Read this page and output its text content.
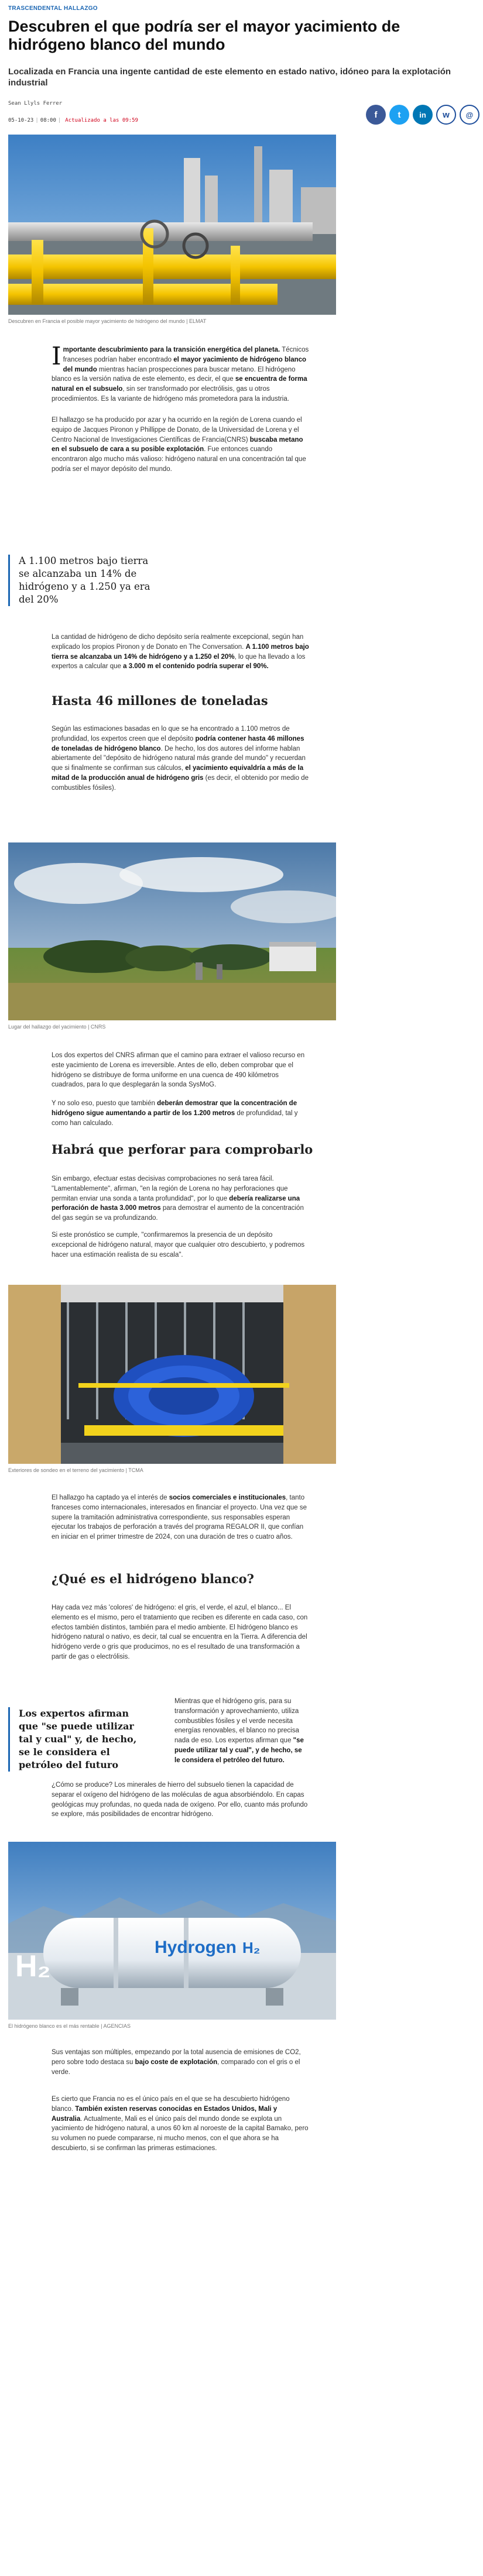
TRASCENDENTAL HALLAZGO
Descubren el que podría ser el mayor yacimiento de hidrógeno blanco del mundo

Localizada en Francia una ingente cantidad de este elemento en estado nativo, idóneo para la explotación industrial

Sean Llyls Ferrer
05-10-23 | 08:00 | Actualizado a las 09:59
f t in w @
Descubren en Francia el posible mayor yacimiento de hidrógeno del mundo | ELMAT
Importante descubrimiento para la transición energética del planeta. Técnicos franceses podrían haber encontrado el mayor yacimiento de hidrógeno blanco del mundo mientras hacían prospecciones para buscar metano. El hidrógeno blanco es la versión nativa de este elemento, es decir, el que se encuentra de forma natural en el subsuelo, sin ser transformado por electrólisis, gas u otros procedimientos. Es la variante de hidrógeno más prometedora para la industria.
El hallazgo se ha producido por azar y ha ocurrido en la región de Lorena cuando el equipo de Jacques Pironon y Phillippe de Donato, de la Universidad de Lorena y el Centro Nacional de Investigaciones Científicas de Francia(CNRS) buscaba metano en el subsuelo de cara a su posible explotación. Fue entonces cuando encontraron algo mucho más valioso: hidrógeno natural en una concentración tal que podría ser el mayor depósito del mundo.
A 1.100 metros bajo tierra se alcanzaba un 14% de hidrógeno y a 1.250 ya era del 20%
La cantidad de hidrógeno de dicho depósito sería realmente excepcional, según han explicado los propios Pironon y de Donato en The Conversation. A 1.100 metros bajo tierra se alcanzaba un 14% de hidrógeno y a 1.250 el 20%, lo que ha llevado a los expertos a calcular que a 3.000 m el contenido podría superar el 90%.
Hasta 46 millones de toneladas
Según las estimaciones basadas en lo que se ha encontrado a 1.100 metros de profundidad, los expertos creen que el depósito podría contener hasta 46 millones de toneladas de hidrógeno blanco. De hecho, los dos autores del informe hablan abiertamente del "depósito de hidrógeno natural más grande del mundo" y recuerdan que si finalmente se confirman sus cálculos, el yacimiento equivaldría a más de la mitad de la producción anual de hidrógeno gris (es decir, el obtenido por medio de combustibles fósiles).
Lugar del hallazgo del yacimiento | CNRS
Los dos expertos del CNRS afirman que el camino para extraer el valioso recurso en este yacimiento de Lorena es irreversible. Antes de ello, deben comprobar que el hidrógeno se distribuye de forma uniforme en una cuenca de 490 kilómetros cuadrados, para lo que desplegarán la sonda SysMoG.
Y no solo eso, puesto que también deberán demostrar que la concentración de hidrógeno sigue aumentando a partir de los 1.200 metros de profundidad, tal y como han calculado.
Habrá que perforar para comprobarlo
Sin embargo, efectuar estas decisivas comprobaciones no será tarea fácil. "Lamentablemente", afirman, "en la región de Lorena no hay perforaciones que permitan enviar una sonda a tanta profundidad", por lo que debería realizarse una perforación de hasta 3.000 metros para demostrar el aumento de la concentración del gas según se va profundizando.
Si este pronóstico se cumple, "confirmaremos la presencia de un depósito excepcional de hidrógeno natural, mayor que cualquier otro descubierto, y podremos hacer una estimación realista de su escala".
Exteriores de sondeo en el terreno del yacimiento | TCMA
El hallazgo ha captado ya el interés de socios comerciales e institucionales, tanto franceses como internacionales, interesados en financiar el proyecto. Una vez que se supere la tramitación administrativa correspondiente, sus responsables esperan ejecutar los trabajos de perforación a través del programa REGALOR II, que confían en iniciar en el primer trimestre de 2024, con una duración de tres o cuatro años.
¿Qué es el hidrógeno blanco?
Hay cada vez más 'colores' de hidrógeno: el gris, el verde, el azul, el blanco... El elemento es el mismo, pero el tratamiento que reciben es diferente en cada caso, con efectos también distintos, también para el medio ambiente. El hidrógeno blanco es hidrógeno natural o nativo, es decir, tal cual se encuentra en la Tierra. A diferencia del hidrógeno verde o gris que producimos, no es el resultado de una transformación a partir de gas o electrólisis.
Los expertos afirman que "se puede utilizar tal y cual" y, de hecho, se le considera el petróleo del futuro
Mientras que el hidrógeno gris, para su transformación y aprovechamiento, utiliza combustibles fósiles y el verde necesita energías renovables, el blanco no precisa nada de eso. Los expertos afirman que "se puede utilizar tal y cual", y de hecho, se le considera el petróleo del futuro.
¿Cómo se produce? Los minerales de hierro del subsuelo tienen la capacidad de separar el oxígeno del hidrógeno de las moléculas de agua absorbiéndolo. En capas geológicas muy profundas, no queda nada de oxígeno. Por ello, cuanto más profundo se explore, más posibilidades de encontrar hidrógeno.
Hydrogen H₂
H₂
El hidrógeno blanco es el más rentable | AGENCIAS
Sus ventajas son múltiples, empezando por la total ausencia de emisiones de CO2, pero sobre todo destaca su bajo coste de explotación, comparado con el gris o el verde.
Es cierto que Francia no es el único país en el que se ha descubierto hidrógeno blanco. También existen reservas conocidas en Estados Unidos, Mali y Australia. Actualmente, Mali es el único país del mundo donde se explota un yacimiento de hidrógeno natural, a unos 60 km al noroeste de la capital Bamako, pero su volumen no puede compararse, ni mucho menos, con el que ahora se ha descubierto, si se confirman las primeras estimaciones.
